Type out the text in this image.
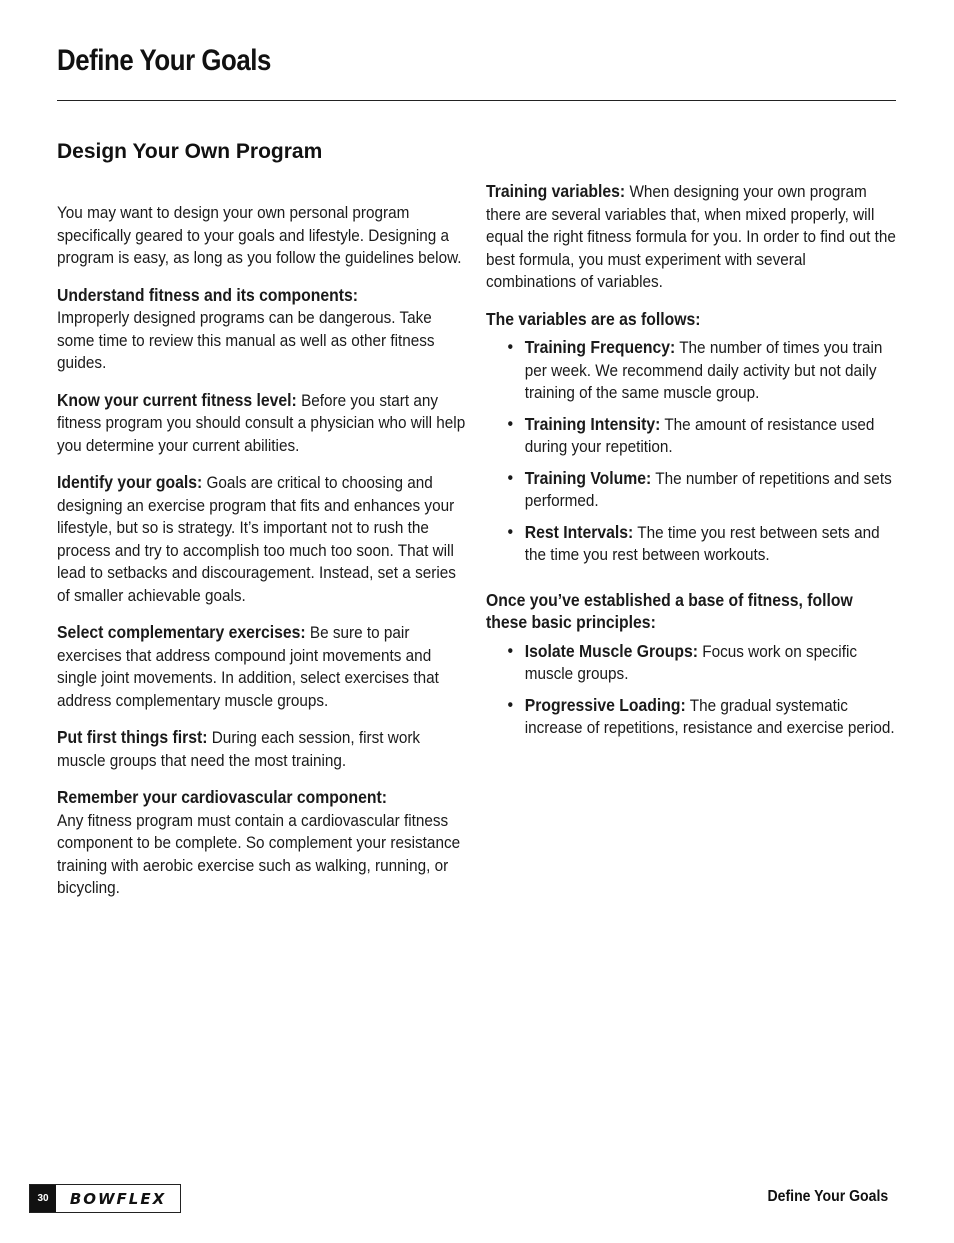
Define Your Goals
Design Your Own Program

You may want to design your own personal program specifically geared to your goals and lifestyle. Designing a program is easy, as long as you follow the guidelines below.

Understand fitness and its components:
Improperly designed programs can be dangerous. Take some time to review this manual as well as other fitness guides.

Know your current fitness level: Before you start any fitness program you should consult a physician who will help you determine your current abilities.

Identify your goals: Goals are critical to choosing and designing an exercise program that fits and enhances your lifestyle, but so is strategy. It’s important not to rush the process and try to accomplish too much too soon. That will lead to setbacks and discouragement. Instead, set a series of smaller achievable goals.

Select complementary exercises: Be sure to pair exercises that address compound joint movements and single joint movements. In addition, select exercises that address complementary muscle groups.

Put first things first: During each session, first work muscle groups that need the most training.

Remember your cardiovascular component:
Any fitness program must contain a cardiovascular fitness component to be complete. So complement your resistance training with aerobic exercise such as walking, running, or bicycling.

Training variables: When designing your own program there are several variables that, when mixed properly, will equal the right fitness formula for you. In order to find out the best formula, you must experiment with several combinations of variables.

The variables are as follows:

• Training Frequency: The number of times you train per week. We recommend daily activity but not daily training of the same muscle group.
• Training Intensity: The amount of resistance used during your repetition.
• Training Volume: The number of repetitions and sets performed.
• Rest Intervals: The time you rest between sets and the time you rest between workouts.

Once you’ve established a base of fitness, follow these basic principles:

• Isolate Muscle Groups: Focus work on specific muscle groups.
• Progressive Loading: The gradual systematic increase of repetitions, resistance and exercise period.
30	BOWFLEX	Define Your Goals
